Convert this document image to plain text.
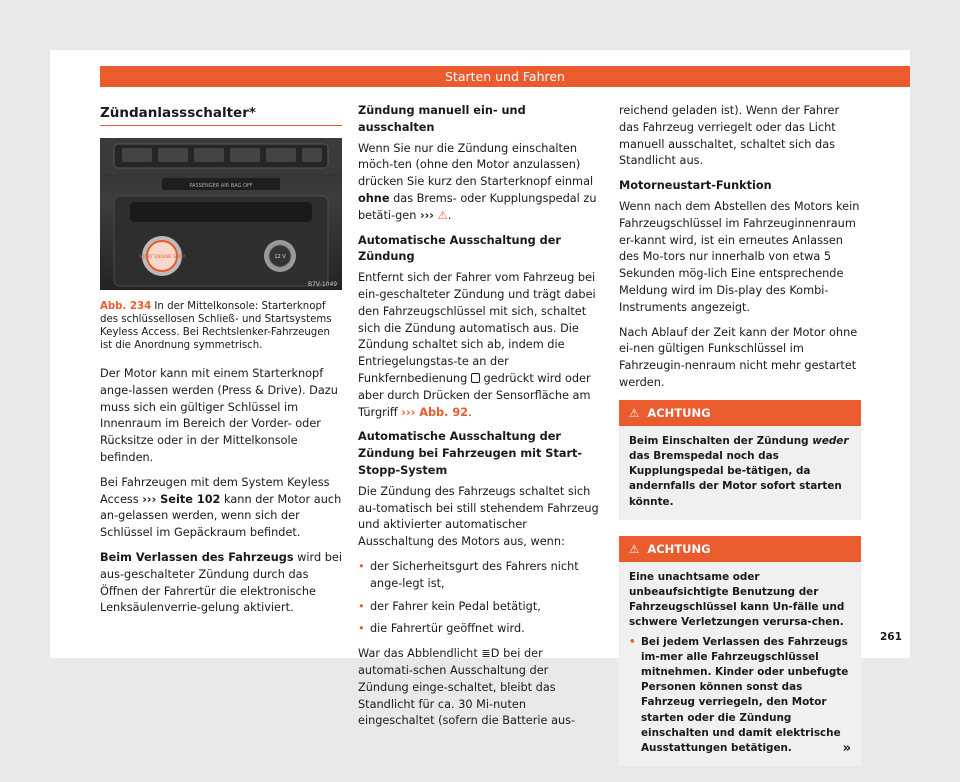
Starten und Fahren
Zündanlassschalter*
B7V-1049
PASSENGER AIR BAG OFF
START ENGINE STOP	12 V
Abb. 234 In der Mittelkonsole: Starterknopf des schlüssellosen Schließ- und Startsystems Keyless Access. Bei Rechtslenker-Fahrzeugen ist die Anordnung symmetrisch.

Der Motor kann mit einem Starterknopf ange-lassen werden (Press & Drive). Dazu muss sich ein gültiger Schlüssel im Innenraum im Bereich der Vorder- oder Rücksitze oder in der Mittelkonsole befinden.

Bei Fahrzeugen mit dem System Keyless Access ››› Seite 102 kann der Motor auch an-gelassen werden, wenn sich der Schlüssel im Gepäckraum befindet.

Beim Verlassen des Fahrzeugs wird bei aus-geschalteter Zündung durch das Öffnen der Fahrertür die elektronische Lenksäulenverrie-gelung aktiviert.

Zündung manuell ein- und ausschalten

Wenn Sie nur die Zündung einschalten möch-ten (ohne den Motor anzulassen) drücken Sie kurz den Starterknopf einmal ohne das Brems- oder Kupplungspedal zu betäti-gen ››› ⚠.

Automatische Ausschaltung der Zündung

Entfernt sich der Fahrer vom Fahrzeug bei ein-geschalteter Zündung und trägt dabei den Fahrzeugschlüssel mit sich, schaltet sich die Zündung automatisch aus. Die Zündung schaltet sich ab, indem die Entriegelungstas-te an der Funkfernbedienung  gedrückt wird oder aber durch Drücken der Sensorfläche am Türgriff ››› Abb. 92.

Automatische Ausschaltung der Zündung bei Fahrzeugen mit Start-Stopp-System

Die Zündung des Fahrzeugs schaltet sich au-tomatisch bei still stehendem Fahrzeug und aktivierter automatischer Ausschaltung des Motors aus, wenn:

• der Sicherheitsgurt des Fahrers nicht ange-legt ist,
• der Fahrer kein Pedal betätigt,
• die Fahrertür geöffnet wird.

War das Abblendlicht ≣D bei der automati-schen Ausschaltung der Zündung einge-schaltet, bleibt das Standlicht für ca. 30 Mi-nuten eingeschaltet (sofern die Batterie aus-

reichend geladen ist). Wenn der Fahrer das Fahrzeug verriegelt oder das Licht manuell ausschaltet, schaltet sich das Standlicht aus.

Motorneustart-Funktion

Wenn nach dem Abstellen des Motors kein Fahrzeugschlüssel im Fahrzeuginnenraum er-kannt wird, ist ein erneutes Anlassen des Mo-tors nur innerhalb von etwa 5 Sekunden mög-lich Eine entsprechende Meldung wird im Dis-play des Kombi-Instruments angezeigt.

Nach Ablauf der Zeit kann der Motor ohne ei-nen gültigen Funkschlüssel im Fahrzeugin-nenraum nicht mehr gestartet werden.

⚠ ACHTUNG
Beim Einschalten der Zündung weder das Bremspedal noch das Kupplungspedal be-tätigen, da andernfalls der Motor sofort starten könnte.
⚠ ACHTUNG
Eine unachtsame oder unbeaufsichtigte Benutzung der Fahrzeugschlüssel kann Un-fälle und schwere Verletzungen verursa-chen.
• Bei jedem Verlassen des Fahrzeugs im-mer alle Fahrzeugschlüssel mitnehmen. Kinder oder unbefugte Personen können sonst das Fahrzeug verriegeln, den Motor starten oder die Zündung einschalten und damit elektrische Ausstattungen betätigen.	»
261
